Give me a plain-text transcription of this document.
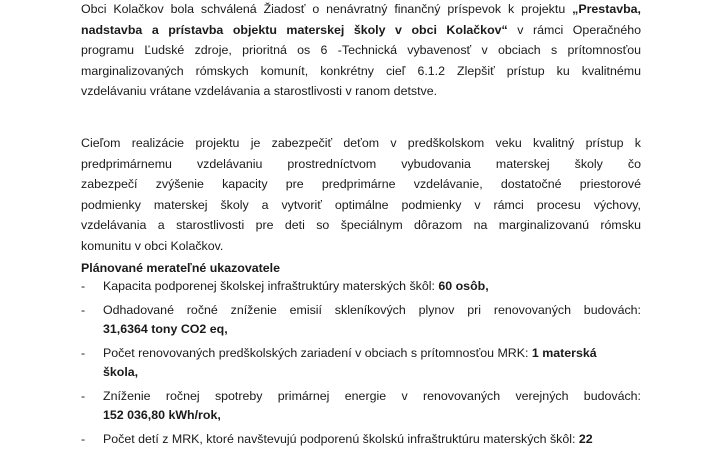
Obci Kolačkov bola schválená Žiadosť o nenávratný finančný príspevok k projektu „Prestavba,
nadstavba a prístavba objektu materskej školy v obci Kolačkov“ v rámci Operačného
programu Ľudské zdroje, prioritná os 6 -Technická vybavenosť v obciach s prítomnosťou
marginalizovaných rómskych komunít, konkrétny cieľ 6.1.2 Zlepšiť prístup ku kvalitnému
vzdelávaniu vrátane vzdelávania a starostlivosti v ranom detstve.
Cieľom realizácie projektu je zabezpečiť deťom v predškolskom veku kvalitný prístup k
predprimárnemu vzdelávaniu prostredníctvom vybudovania materskej školy čo
zabezpečí zvýšenie kapacity pre predprimárne vzdelávanie, dostatočné priestorové
podmienky materskej školy a vytvoriť optimálne podmienky v rámci procesu výchovy,
vzdelávania a starostlivosti pre deti so špeciálnym dôrazom na marginalizovanú rómsku
komunitu v obci Kolačkov.

Plánované merateľné ukazovatele

- Kapacita podporenej školskej infraštruktúry materských škôl: 60 osôb,
- Odhadované ročné zníženie emisií skleníkových plynov pri renovovaných budovách:
31,6364 tony CO2 eq,
- Počet renovovaných predškolských zariadení v obciach s prítomnosťou MRK: 1 materská
škola,
- Zníženie ročnej spotreby primárnej energie v renovovaných verejných budovách:
152 036,80 kWh/rok,
- Počet detí z MRK, ktoré navštevujú podporenú školskú infraštruktúru materských škôl: 22
